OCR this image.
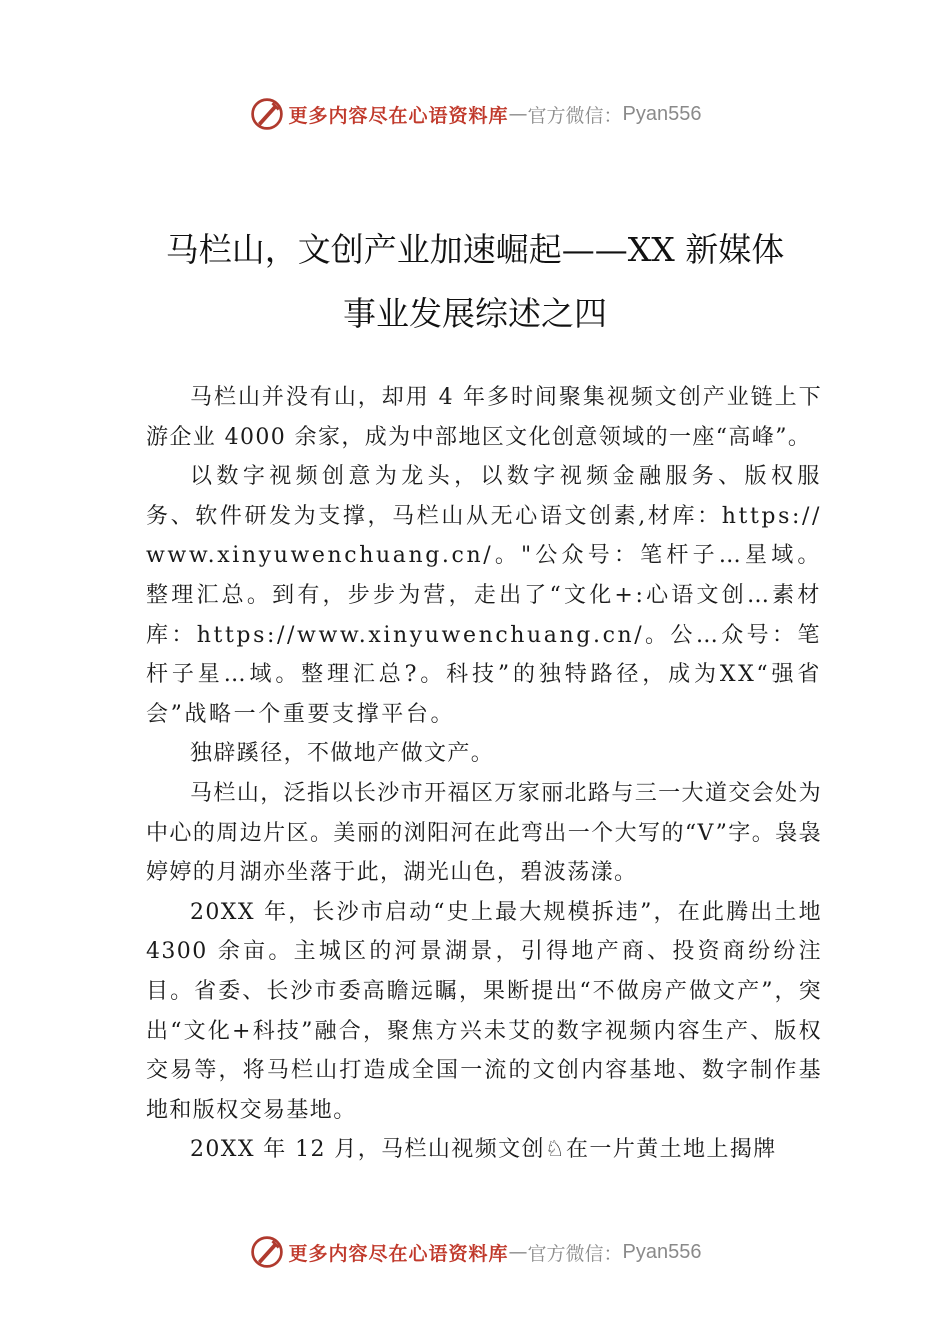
更多内容尽在心语资料库 — 官方微信： Pyan556
马栏山，文创产业加速崛起——XX 新媒体
事业发展综述之四

马栏山并没有山，却用 4 年多时间聚集视频文创产业链上下游企业 4000 余家，成为中部地区文化创意领域的一座“高峰”。

以数字视频创意为龙头，以数字视频金融服务、版权服务、软件研发为支撑，马栏山从无心语文创素,材库：https://www.xinyuwenchuang.cn/。"公众号：笔杆子…星域。整理汇总。到有，步步为营，走出了“文化+:心语文创…素材库：https://www.xinyuwenchuang.cn/。公…众号：笔杆子星…域。整理汇总?。科技”的独特路径，成为XX“强省会”战略一个重要支撑平台。

独辟蹊径，不做地产做文产。

马栏山，泛指以长沙市开福区万家丽北路与三一大道交会处为中心的周边片区。美丽的浏阳河在此弯出一个大写的“V”字。袅袅婷婷的月湖亦坐落于此，湖光山色，碧波荡漾。

20XX 年，长沙市启动“史上最大规模拆违”，在此腾出土地 4300 余亩。主城区的河景湖景，引得地产商、投资商纷纷注目。省委、长沙市委高瞻远瞩，果断提出“不做房产做文产”，突出“文化+科技”融合，聚焦方兴未艾的数字视频内容生产、版权交易等，将马栏山打造成全国一流的文创内容基地、数字制作基地和版权交易基地。

20XX 年 12 月，马栏山视频文创♘在一片黄土地上揭牌

更多内容尽在心语资料库 — 官方微信： Pyan556
